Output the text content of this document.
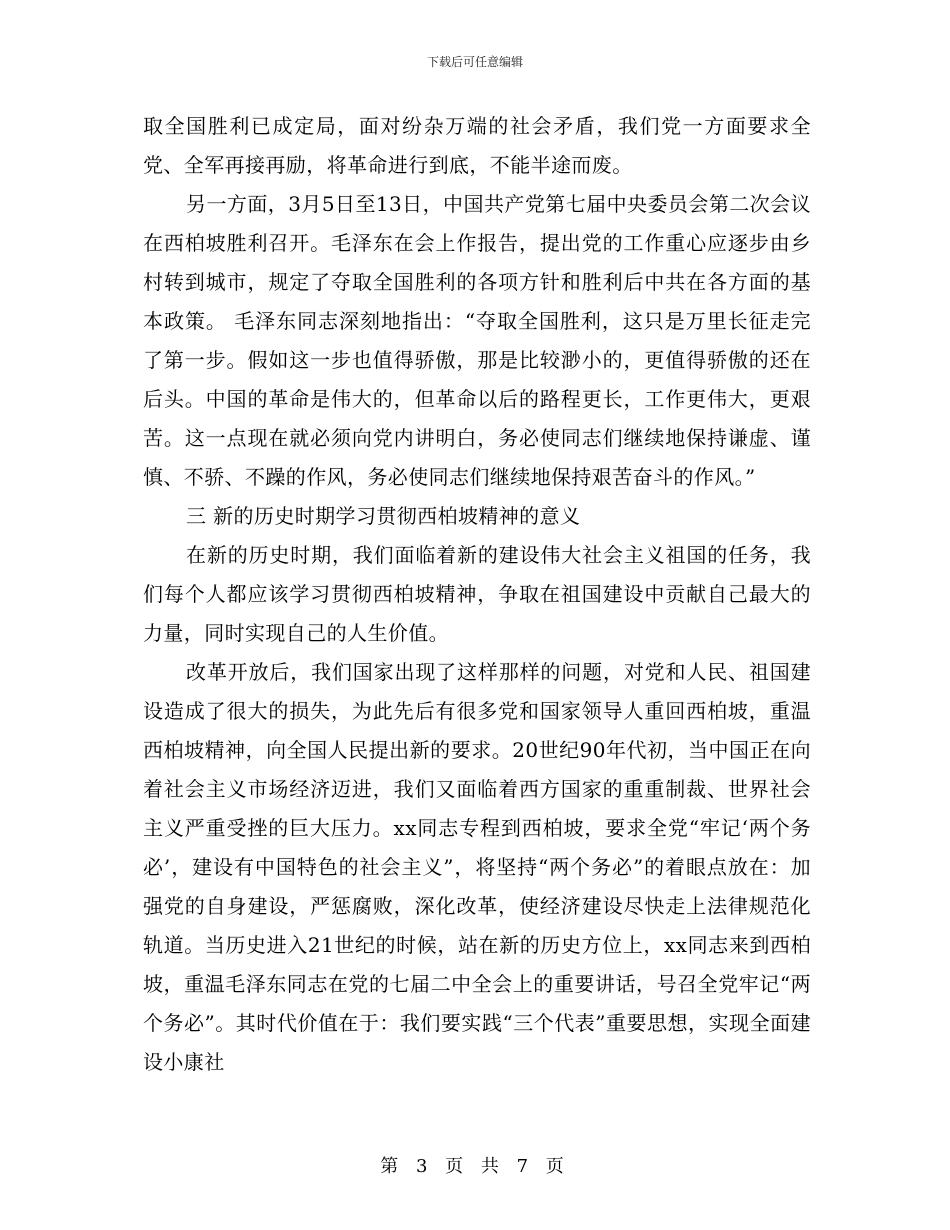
下载后可任意编辑

取全国胜利已成定局，面对纷杂万端的社会矛盾，我们党一方面要求全党、全军再接再励，将革命进行到底，不能半途而废。

另一方面，3月5日至13日，中国共产党第七届中央委员会第二次会议在西柏坡胜利召开。毛泽东在会上作报告，提出党的工作重心应逐步由乡村转到城市，规定了夺取全国胜利的各项方针和胜利后中共在各方面的基本政策。 毛泽东同志深刻地指出：“夺取全国胜利，这只是万里长征走完了第一步。假如这一步也值得骄傲，那是比较渺小的，更值得骄傲的还在后头。中国的革命是伟大的，但革命以后的路程更长，工作更伟大，更艰苦。这一点现在就必须向党内讲明白，务必使同志们继续地保持谦虚、谨慎、不骄、不躁的作风，务必使同志们继续地保持艰苦奋斗的作风。”

三 新的历史时期学习贯彻西柏坡精神的意义

在新的历史时期，我们面临着新的建设伟大社会主义祖国的任务，我们每个人都应该学习贯彻西柏坡精神，争取在祖国建设中贡献自己最大的力量，同时实现自己的人生价值。

改革开放后，我们国家出现了这样那样的问题，对党和人民、祖国建设造成了很大的损失，为此先后有很多党和国家领导人重回西柏坡，重温西柏坡精神，向全国人民提出新的要求。20世纪90年代初，当中国正在向着社会主义市场经济迈进，我们又面临着西方国家的重重制裁、世界社会主义严重受挫的巨大压力。xx同志专程到西柏坡，要求全党“牢记‘两个务必’，建设有中国特色的社会主义”，将坚持“两个务必”的着眼点放在：加强党的自身建设，严惩腐败，深化改革，使经济建设尽快走上法律规范化轨道。当历史进入21世纪的时候，站在新的历史方位上，xx同志来到西柏坡，重温毛泽东同志在党的七届二中全会上的重要讲话，号召全党牢记“两个务必”。其时代价值在于：我们要实践“三个代表”重要思想，实现全面建设小康社

第 3 页 共 7 页
